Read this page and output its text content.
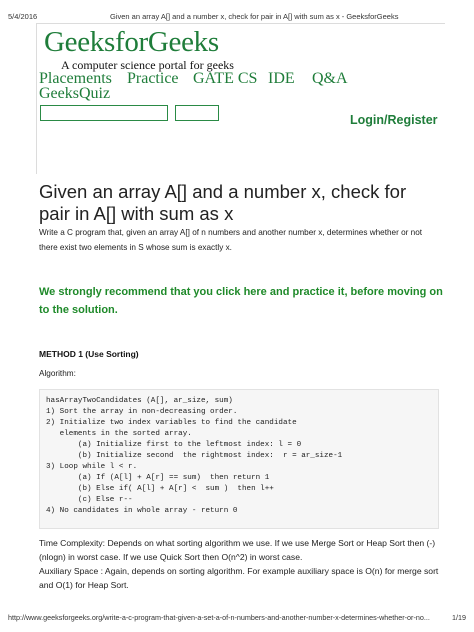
5/4/2016	Given an array A[] and a number x, check for pair in A[] with sum as x - GeeksforGeeks
GeeksforGeeks
A computer science portal for geeks
Placements Practice GATE CS IDE Q&A
GeeksQuiz
Login/Register
Given an array A[] and a number x, check for pair in A[] with sum as x
Write a C program that, given an array A[] of n numbers and another number x, determines whether or not there exist two elements in S whose sum is exactly x.
We strongly recommend that you click here and practice it, before moving on to the solution.
METHOD 1 (Use Sorting)
Algorithm:
hasArrayTwoCandidates (A[], ar_size, sum)
1) Sort the array in non-decreasing order.
2) Initialize two index variables to find the candidate
elements in the sorted array.
(a) Initialize first to the leftmost index: l = 0
(b) Initialize second  the rightmost index:  r = ar_size-1
3) Loop while l < r.
(a) If (A[l] + A[r] == sum)  then return 1
(b) Else if( A[l] + A[r] <  sum )  then l++
(c) Else r--
4) No candidates in whole array - return 0
Time Complexity: Depends on what sorting algorithm we use. If we use Merge Sort or Heap Sort then (-)(nlogn) in worst case. If we use Quick Sort then O(n^2) in worst case.
Auxiliary Space : Again, depends on sorting algorithm. For example auxiliary space is O(n) for merge sort and O(1) for Heap Sort.
http://www.geeksforgeeks.org/write-a-c-program-that-given-a-set-a-of-n-numbers-and-another-number-x-determines-whether-or-no...	1/19
